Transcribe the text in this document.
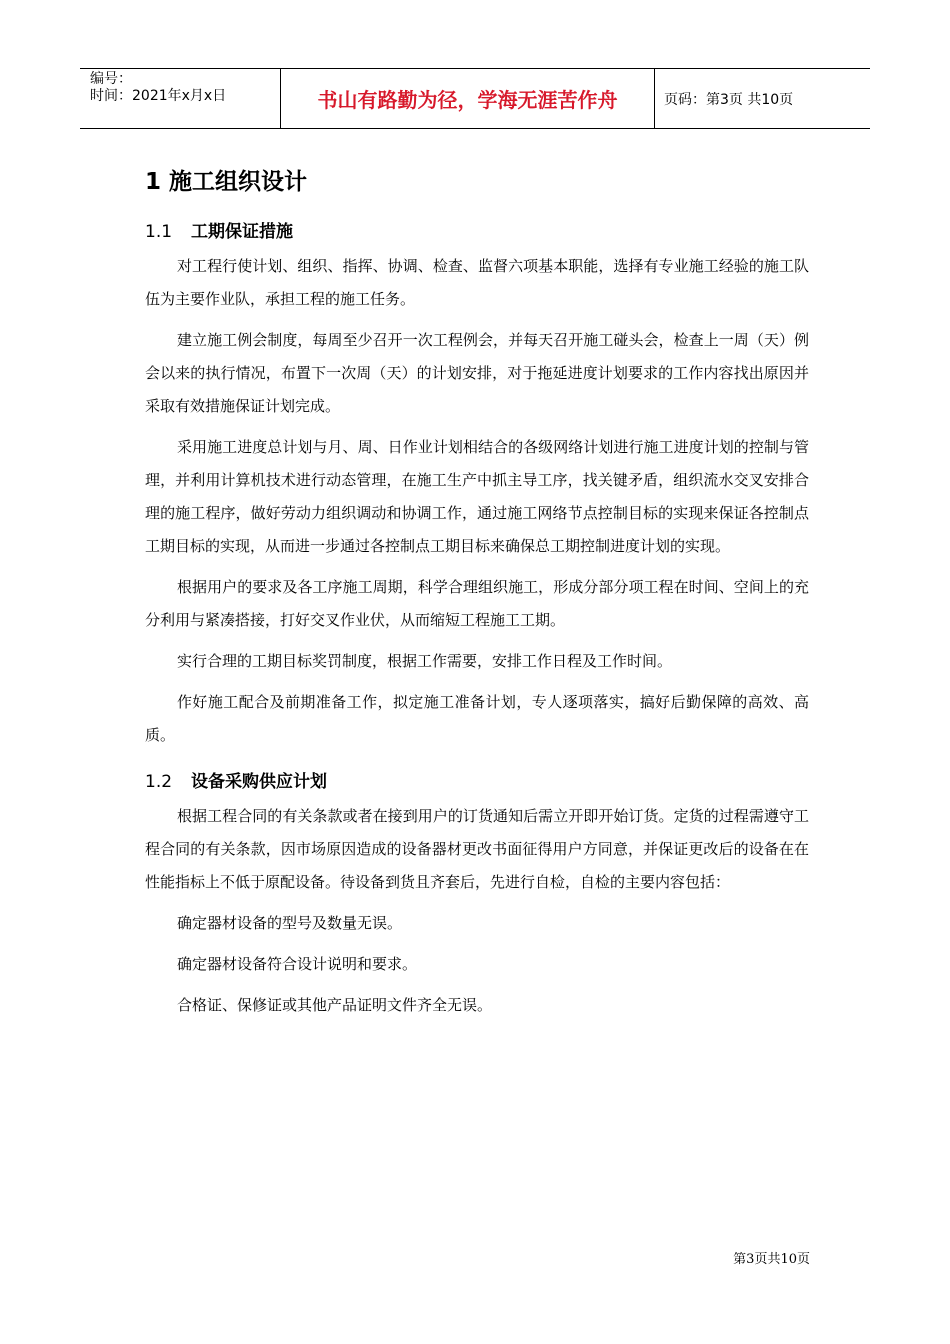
编号：
时间：2021年x月x日	书山有路勤为径，学海无涯苦作舟	页码：第3页 共10页
1 施工组织设计
1.1 工期保证措施

对工程行使计划、组织、指挥、协调、检查、监督六项基本职能，选择有专业施工经验的施工队伍为主要作业队，承担工程的施工任务。

建立施工例会制度，每周至少召开一次工程例会，并每天召开施工碰头会，检查上一周（天）例会以来的执行情况，布置下一次周（天）的计划安排，对于拖延进度计划要求的工作内容找出原因并采取有效措施保证计划完成。

采用施工进度总计划与月、周、日作业计划相结合的各级网络计划进行施工进度计划的控制与管理，并利用计算机技术进行动态管理，在施工生产中抓主导工序，找关键矛盾，组织流水交叉安排合理的施工程序，做好劳动力组织调动和协调工作，通过施工网络节点控制目标的实现来保证各控制点工期目标的实现，从而进一步通过各控制点工期目标来确保总工期控制进度计划的实现。

根据用户的要求及各工序施工周期，科学合理组织施工，形成分部分项工程在时间、空间上的充分利用与紧凑搭接，打好交叉作业伏，从而缩短工程施工工期。

实行合理的工期目标奖罚制度，根据工作需要，安排工作日程及工作时间。

作好施工配合及前期准备工作，拟定施工准备计划，专人逐项落实，搞好后勤保障的高效、高质。

1.2 设备采购供应计划

根据工程合同的有关条款或者在接到用户的订货通知后需立开即开始订货。定货的过程需遵守工程合同的有关条款，因市场原因造成的设备器材更改书面征得用户方同意，并保证更改后的设备在在性能指标上不低于原配设备。待设备到货且齐套后，先进行自检，自检的主要内容包括：

确定器材设备的型号及数量无误。

确定器材设备符合设计说明和要求。

合格证、保修证或其他产品证明文件齐全无误。

第3页共10页
